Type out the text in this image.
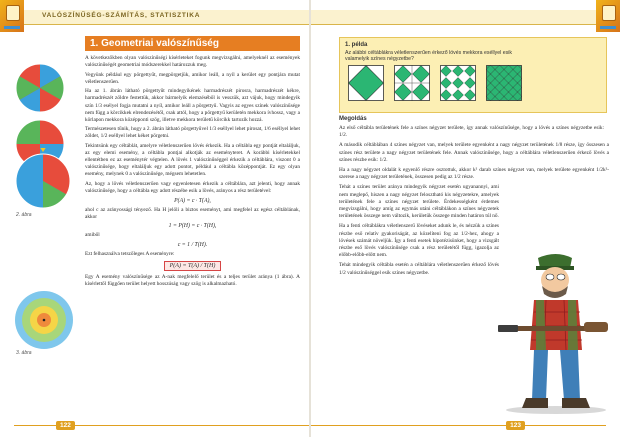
VALÓSZÍNŰSÉG-SZÁMÍTÁS, STATISZTIKA
2. ábra
3. ábra
1. Geometriai valószínűség

A következőkben olyan valószínűségi kísérleteket fogunk megvizsgálni, amelyeknél az események valószínűségét geometriai módszerekkel határozzuk meg.

Vegyünk például egy pörgettyűt, megpörgetjük, amikor leáll, a nyíl a kerület egy pontjára mutat véletlenszerűen.

Ha az 1. ábrán látható pörgettyűt mindegyikének harmadrészét pirosra, harmadrészét kékre, harmadrészét zöldre festettük, akkor bármelyik elemzéséből is vesszük, azt vájuk, hogy mindegyik szín 1/3 esélyel fogja mutatni a nyíl, amikor leáll a pörgettyű. Vagyis az egyes színek valószínűsége nem függ a körcikkek elrendezésétől, csak attól, hogy a pörgettyű kerületén mekkora ívhossz, vagy a körlapon mekkora középponti szög, illetve mekkora területű körcikk tartozik hozzá.

Természetesen tűnik, hogy a 2. ábrán látható pörgettyűvel 1/3 eséllyel lehet pirosat, 1/6 eséllyel lehet zöldet, 1/2 eséllyel lehet kéket pörgetni.

Tekintsünk egy céltáblát, amelyre véletlenszerűen lövés érkezik. Ha a céltábla egy pontját eltaláljuk, az egy elemi esemény, a céltábla pontjai alkotják az eseményteret. A korábbi kísérletekkel ellentétben ez az eseménytér végtelen. A lövés 1 valószínűséggel érkezik a céltáblára, viszont 0 a valószínűsége, hogy eltaláljuk egy adott pontot, például a céltábla középpontját. Ez egy olyan esemény, melynek 0 a valószínűsége, mégsem lehetetlen.

Az, hogy a lövés véletlenszerűen vagy egyenletesen érkezik a céltáblára, azt jelenti, hogy annak valószínűsége, hogy a céltábla egy adott részébe esik a lövés, arányos a rész területével:

P(A) = c · T(A),

ahol c az arányossági tényező. Ha H jelöli a biztos eseményt, ami megfelel az egész céltáblának, akkor

1 = P(H) = c · T(H),

amiből

c = 1 / T(H).

Ezt felhasználva tetszőleges A eseményre:

P(A) = T(A) / T(H)

Egy A esemény valószínűsége az A-nak megfelelő terület és a teljes terület aránya (1 ábra). A kísérlettől függően terület helyett hosszúság vagy szög is alkalmazható.

122
1. példa
Az alábbi céltáblákra véletlenszerűen érkező lövés mekkora eséllyel esik valamelyik színes négyzetbe?
Megoldás

Az első céltábla területének fele a színes négyzet területe, így annak valószínűsége, hogy a lövés a színes négyzetbe esik: 1/2.

A második céltáblában 4 színes négyzet van, melyek területe egyenként a nagy négyzet területének 1/8 része, így összesen a színes rész területe a nagy négyzet területének fele. Annak valószínűsége, hogy a céltáblára véletlenszerűen érkező lövés a színes részbe esik: 1/2.

Ha a nagy négyzet oldalát k egyenlő részre osztottuk, akkor k² darab színes négyzet van, melyek területe egyenként 1/2k²-szerese a nagy négyzet területének, összesen pedig az 1/2 része.

Tehát a színes terület aránya mindegyik négyzet esetén ugyanannyi, ami nem meglepő, hiszen a nagy négyzet felosztható kis négyzetekre, amelyek területének fele a színes négyzet területe. Érdekességként érdemes megvizsgálni, hogy amíg az egymás utáni céltáblákon a színes négyzetek területének összege nem változik, kerületük összege minden határon túl nő.

Ha a fenti céltáblákra véletlenszerű lövéseket adunk le, és nézzük a színes részbe eső relatív gyakoriságát, az közelíteni fog az 1/2-hez, ahogy a lövések számát növeljük. Így a fenti esetek hipotézisünket, hogy a vizsgált részbe eső lövés valószínűsége csak a rész területétől függ, igazolja az előbb-előbb-előtt nem.

Tehát mindegyik céltábla esetén a céltáblára véletlenszerűen érkező lövés 1/2 valószínűséggel esik színes négyzetbe.

123
